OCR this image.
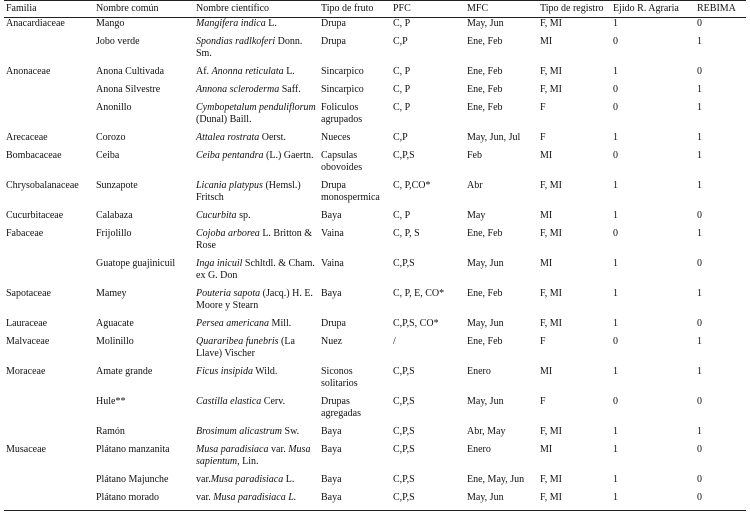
Familia	Nombre común	Nombre científico	Tipo de fruto	PFC	MFC	Tipo de registro	Ejido R. Agraria	REBIMA
Anacardiaceae	Mango	Mangifera indica L.	Drupa	C, P	May, Jun	F, MI	1	0
	Jobo verde	Spondias radlkoferi Donn. Sm.	Drupa	C,P	Ene, Feb	MI	0	1
Anonaceae	Anona Cultivada	Af. Anonna reticulata L.	Sincarpico	C, P	Ene, Feb	F, MI	1	0
	Anona Silvestre	Annona scleroderma Saff.	Sincarpico	C, P	Ene, Feb	F, MI	0	1
	Anonillo	Cymbopetalum penduliflorum (Dunal) Baill.	Foliculos agrupados	C, P	Ene, Feb	F	0	1
Arecaceae	Corozo	Attalea rostrata Oerst.	Nueces	C,P	May, Jun, Jul	F	1	1
Bombacaceae	Ceiba	Ceiba pentandra (L.) Gaertn.	Capsulas obovoides	C,P,S	Feb	MI	0	1
Chrysobalanaceae	Sunzapote	Licania platypus (Hemsl.) Fritsch	Drupa monospermica	C, P,CO*	Abr	F, MI	1	1
Cucurbitaceae	Calabaza	Cucurbita sp.	Baya	C, P	May	MI	1	0
Fabaceae	Frijolillo	Cojoba arborea L. Britton & Rose	Vaina	C, P, S	Ene, Feb	F, MI	0	1
	Guatope guajinicuil	Inga inicuil Schltdl. & Cham. ex G. Don	Vaina	C,P,S	May, Jun	MI	1	0
Sapotaceae	Mamey	Pouteria sapota (Jacq.) H. E. Moore y Stearn	Baya	C, P, E, CO*	Ene, Feb	F, MI	1	1
Lauraceae	Aguacate	Persea americana Mill.	Drupa	C,P,S, CO*	May, Jun	F, MI	1	0
Malvaceae	Molinillo	Quararibea funebris (La Llave) Vischer	Nuez	/	Ene, Feb	F	0	1
Moraceae	Amate grande	Ficus insipida Wild.	Siconos solitarios	C,P,S	Enero	MI	1	1
	Hule**	Castilla elastica Cerv.	Drupas agregadas	C,P,S	May, Jun	F	0	0
	Ramón	Brosimum alicastrum Sw.	Baya	C,P,S	Abr, May	F, MI	1	1
Musaceae	Plátano manzanita	Musa paradisiaca var. Musa sapientum, Lin.	Baya	C,P,S	Enero	MI	1	0
	Plátano Majunche	var.Musa paradisiaca L.	Baya	C,P,S	Ene, May, Jun	F, MI	1	0
	Plátano morado	var. Musa paradisiaca L.	Baya	C,P,S	May, Jun	F, MI	1	0
